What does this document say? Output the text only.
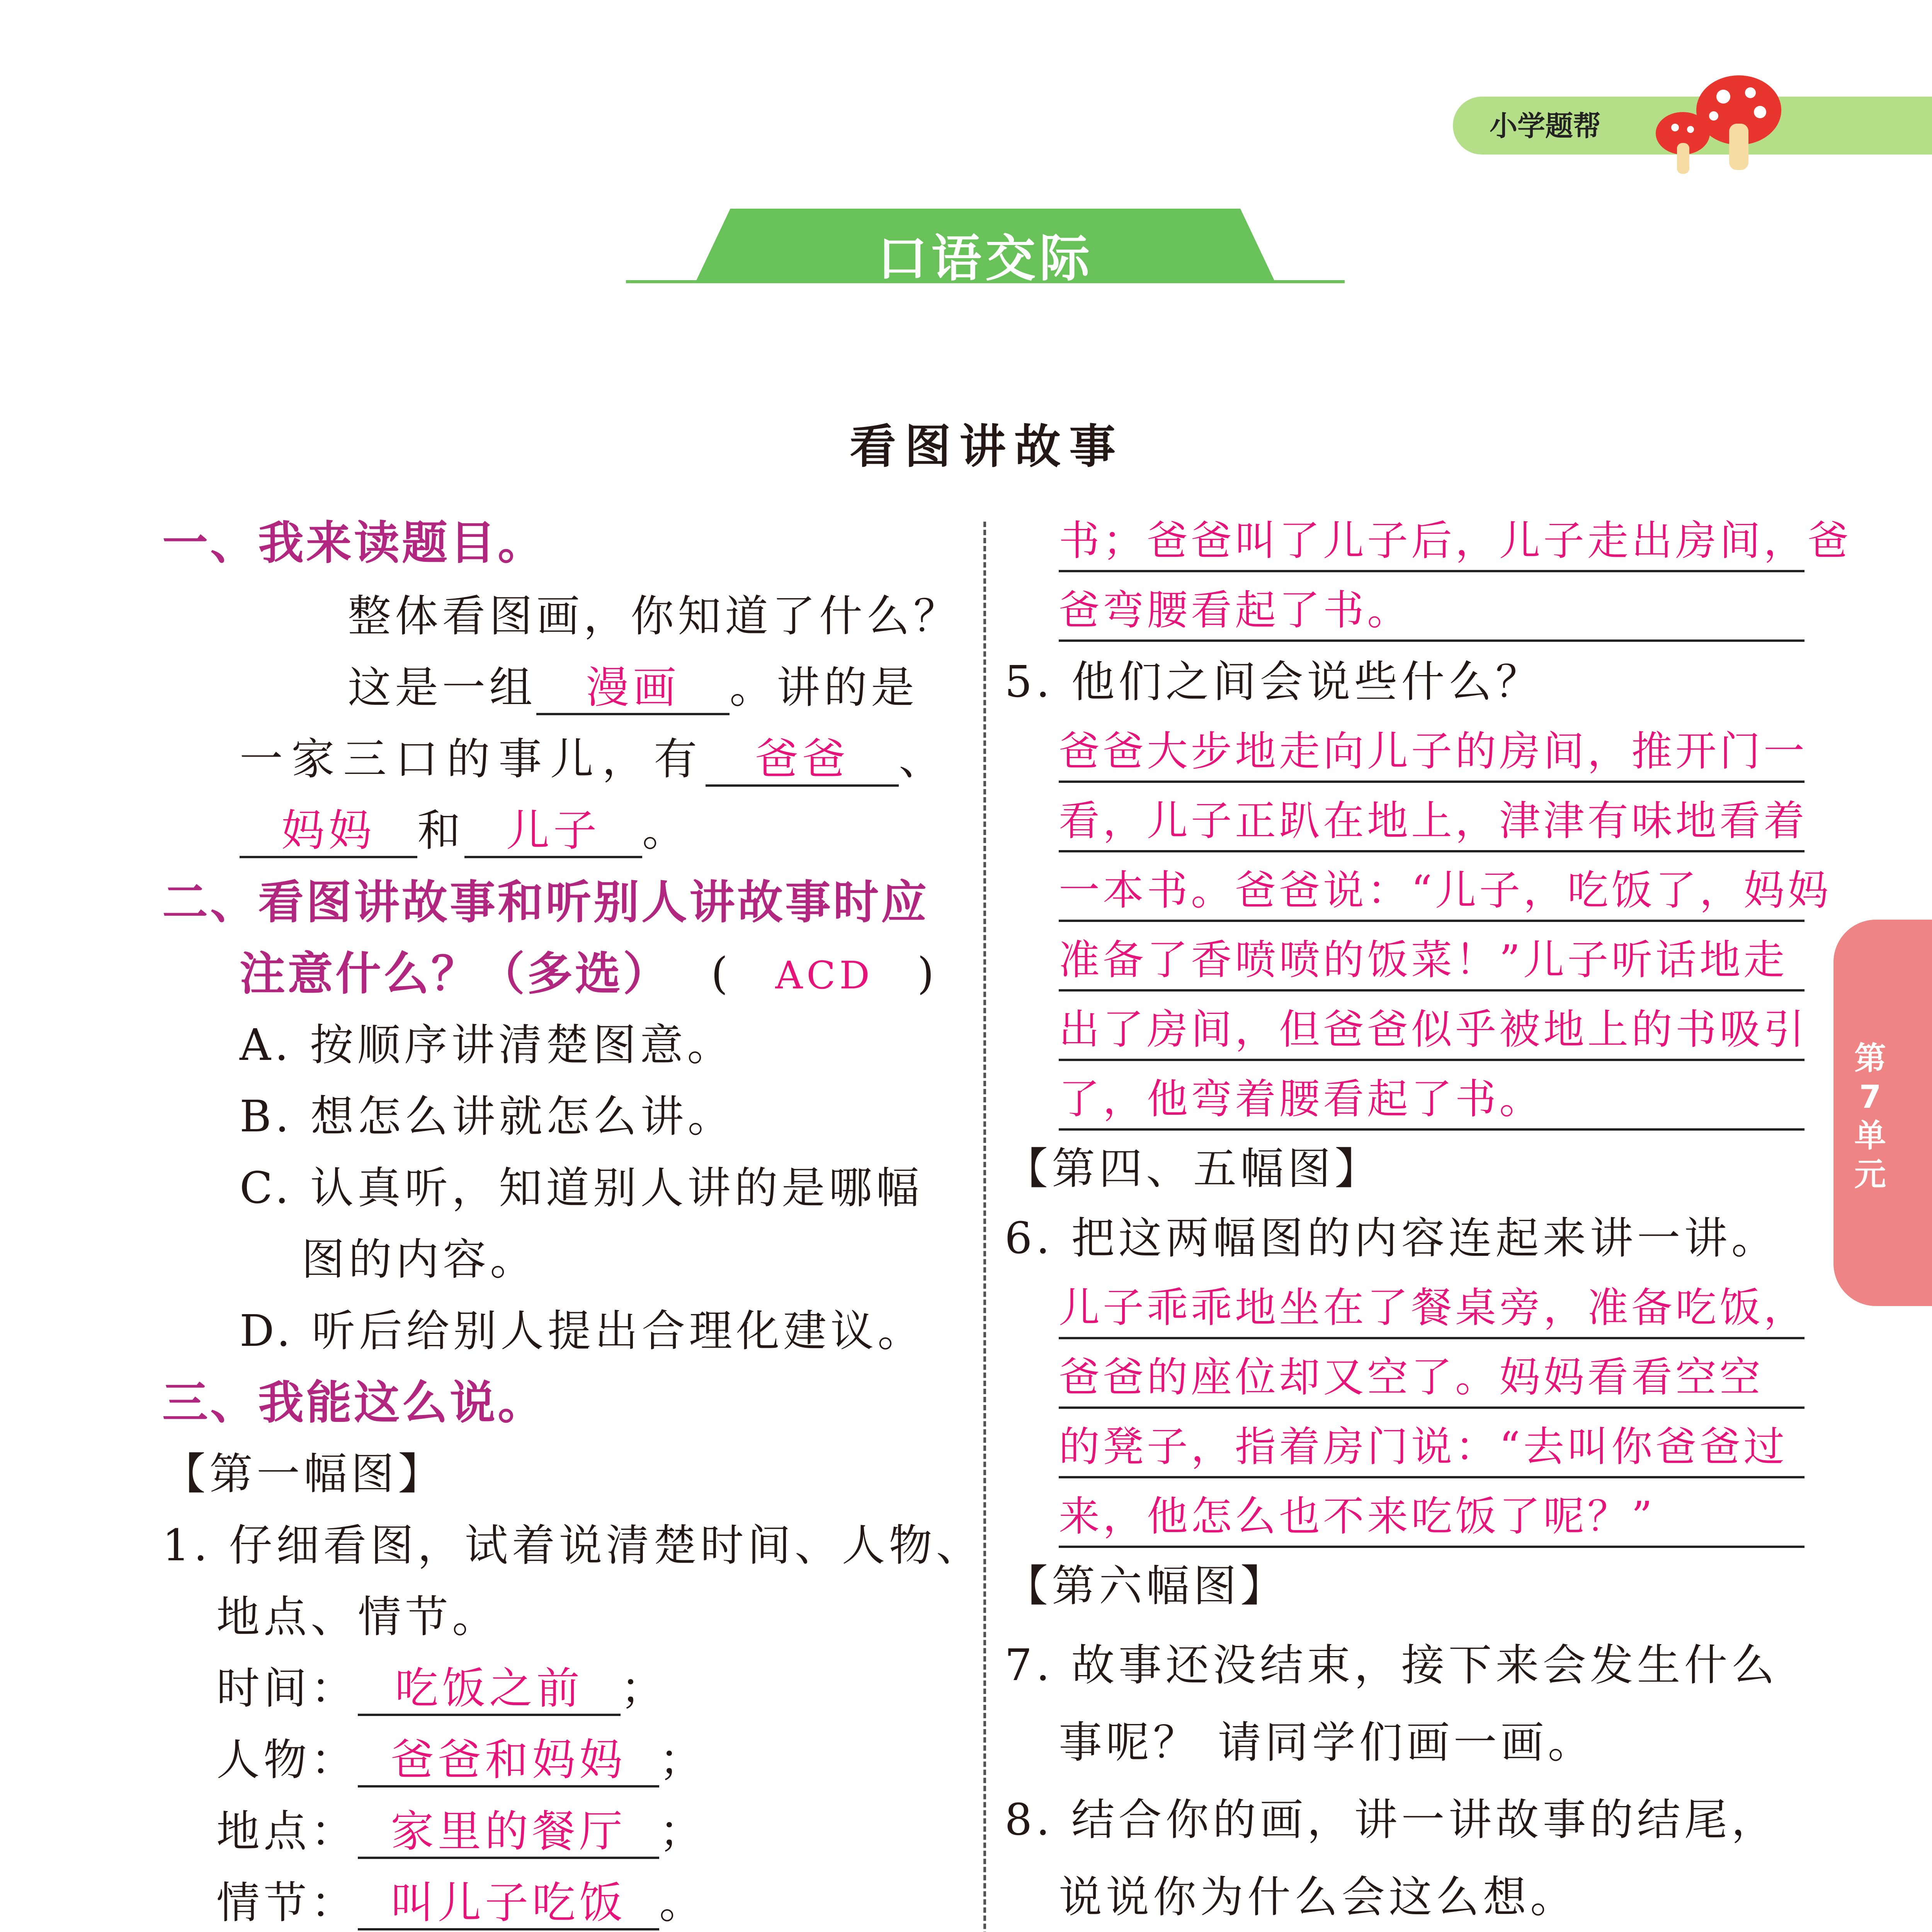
小学题帮
口语交际
看图讲故事
第7单元
一、我来读题目。
整体看图画，你知道了什么？
这是一组 漫画 。讲的是
一家三口的事儿，有 爸爸 、
妈妈 和 儿子 。
二、看图讲故事和听别人讲故事时应
注意什么？（多选） ( ACD )
A. 按顺序讲清楚图意。
B. 想怎么讲就怎么讲。
C. 认真听，知道别人讲的是哪幅
图的内容。
D. 听后给别人提出合理化建议。
三、我能这么说。
【第一幅图】
1. 仔细看图，试着说清楚时间、人物、
地点、情节。
时间： 吃饭之前 ；
人物： 爸爸和妈妈 ；
地点： 家里的餐厅 ；
情节： 叫儿子吃饭 。
书；爸爸叫了儿子后，儿子走出房间，爸
爸弯腰看起了书。
5. 他们之间会说些什么？
爸爸大步地走向儿子的房间，推开门一
看，儿子正趴在地上，津津有味地看着
一本书。爸爸说：“儿子，吃饭了，妈妈
准备了香喷喷的饭菜！”儿子听话地走
出了房间，但爸爸似乎被地上的书吸引
了，他弯着腰看起了书。
【第四、五幅图】
6. 把这两幅图的内容连起来讲一讲。
儿子乖乖地坐在了餐桌旁，准备吃饭，
爸爸的座位却又空了。妈妈看看空空
的凳子，指着房门说：“去叫你爸爸过
来，他怎么也不来吃饭了呢？”
【第六幅图】
7. 故事还没结束，接下来会发生什么
事呢？ 请同学们画一画。
8. 结合你的画，讲一讲故事的结尾，
说说你为什么会这么想。
